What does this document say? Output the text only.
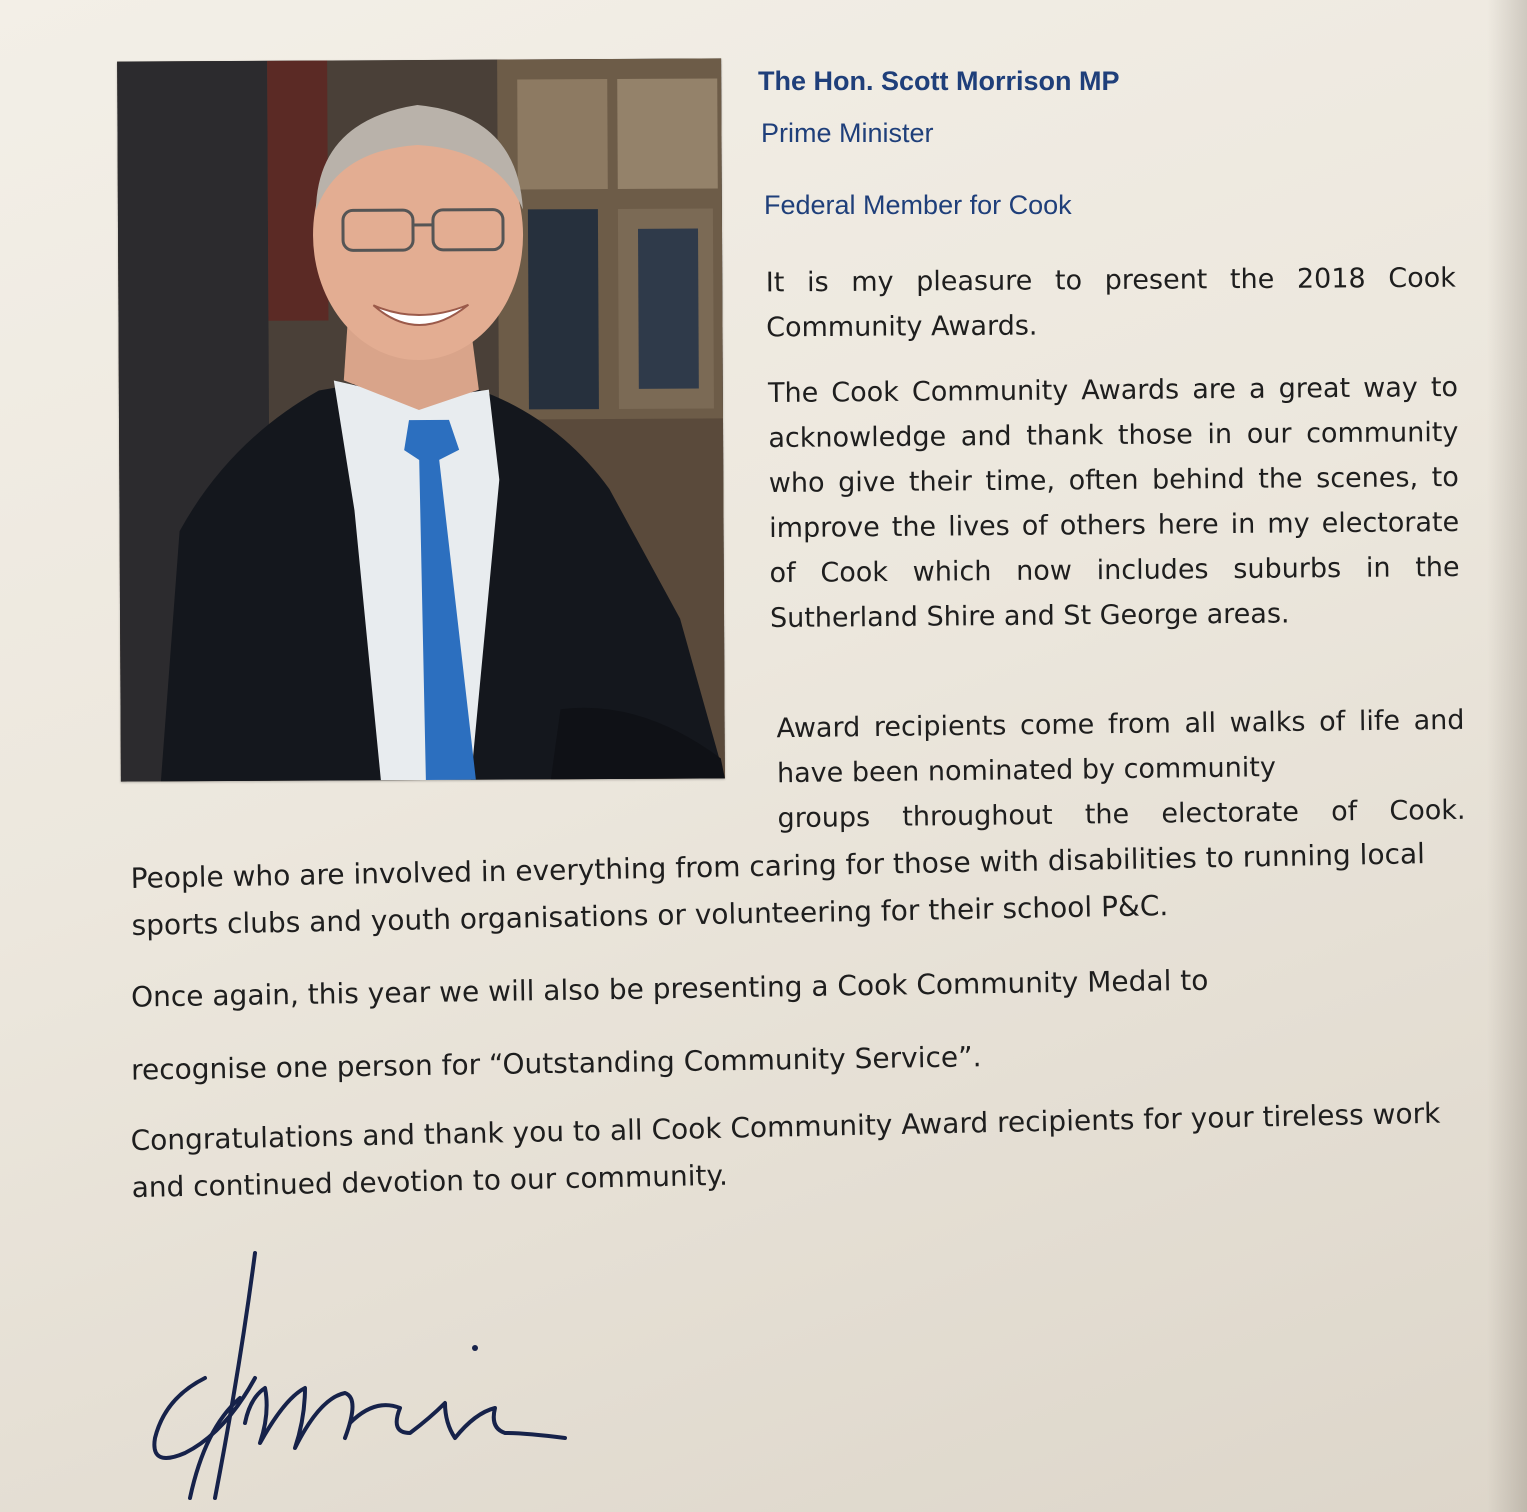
The Hon. Scott Morrison MP

Prime Minister

Federal Member for Cook

It is my pleasure to present the 2018 Cook Community Awards.

The Cook Community Awards are a great way to acknowledge and thank those in our community who give their time, often behind the scenes, to improve the lives of others here in my electorate of Cook which now includes suburbs in the Sutherland Shire and St George areas.

Award recipients come from all walks of life and have been nominated by community
groups throughout the electorate of Cook.

People who are involved in everything from caring for those with disabilities to running local sports clubs and youth organisations or volunteering for their school P&C.

Once again, this year we will also be presenting a Cook Community Medal to

recognise one person for “Outstanding Community Service”.

Congratulations and thank you to all Cook Community Award recipients for your tireless work and continued devotion to our community.
